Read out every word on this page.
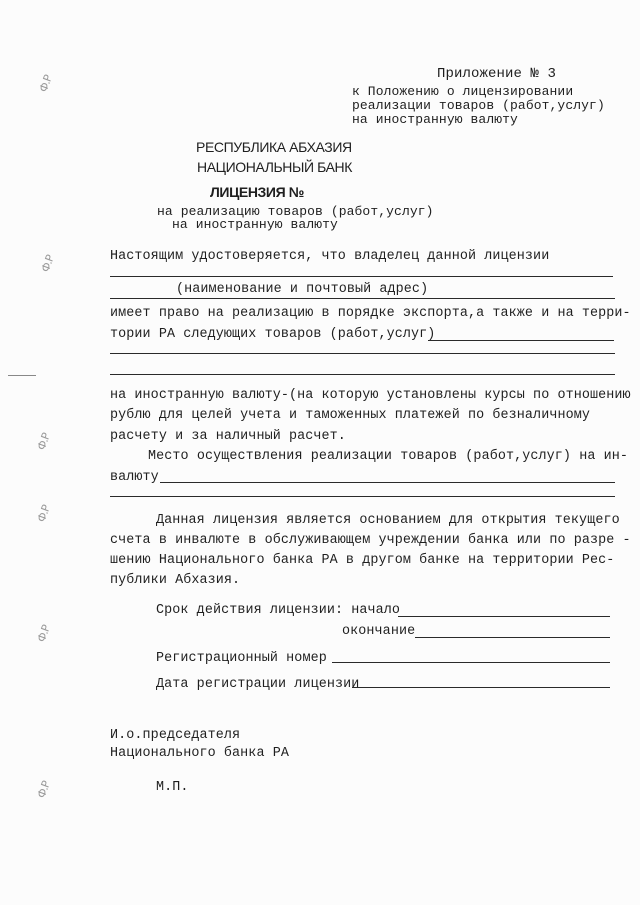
Приложение № 3
к Положению о лицензировании
реализации товаров (работ,услуг)
на иностранную валюту
РЕСПУБЛИКА АБХАЗИЯ
НАЦИОНАЛЬНЫЙ БАНК
ЛИЦЕНЗИЯ №
на реализацию товаров (работ,услуг)
на иностранную валюту
Настоящим удостоверяется, что владелец данной лицензии
(наименование и почтовый адрес)
имеет право на реализацию в порядке экспорта,а также и на терри-
тории РА следующих товаров (работ,услуг)
на иностранную валюту-(на которую установлены курсы по отношению
рублю для целей учета и таможенных платежей по безналичному
расчету и за наличный расчет.
Место осуществления реализации товаров (работ,услуг) на ин-
валюту
Данная лицензия является основанием для открытия текущего
счета в инвалюте в обслуживающем учреждении банка или по разре -
шению Национального банка РА в другом банке на территории Рес-
публики Абхазия.
Срок действия лицензии: начало
окончание
Регистрационный номер
Дата регистрации лицензии
И.о.председателя
Национального банка РА
М.П.
Ф.Р
Ф.Р
Ф.Р
Ф.Р
Ф.Р
Ф.Р
